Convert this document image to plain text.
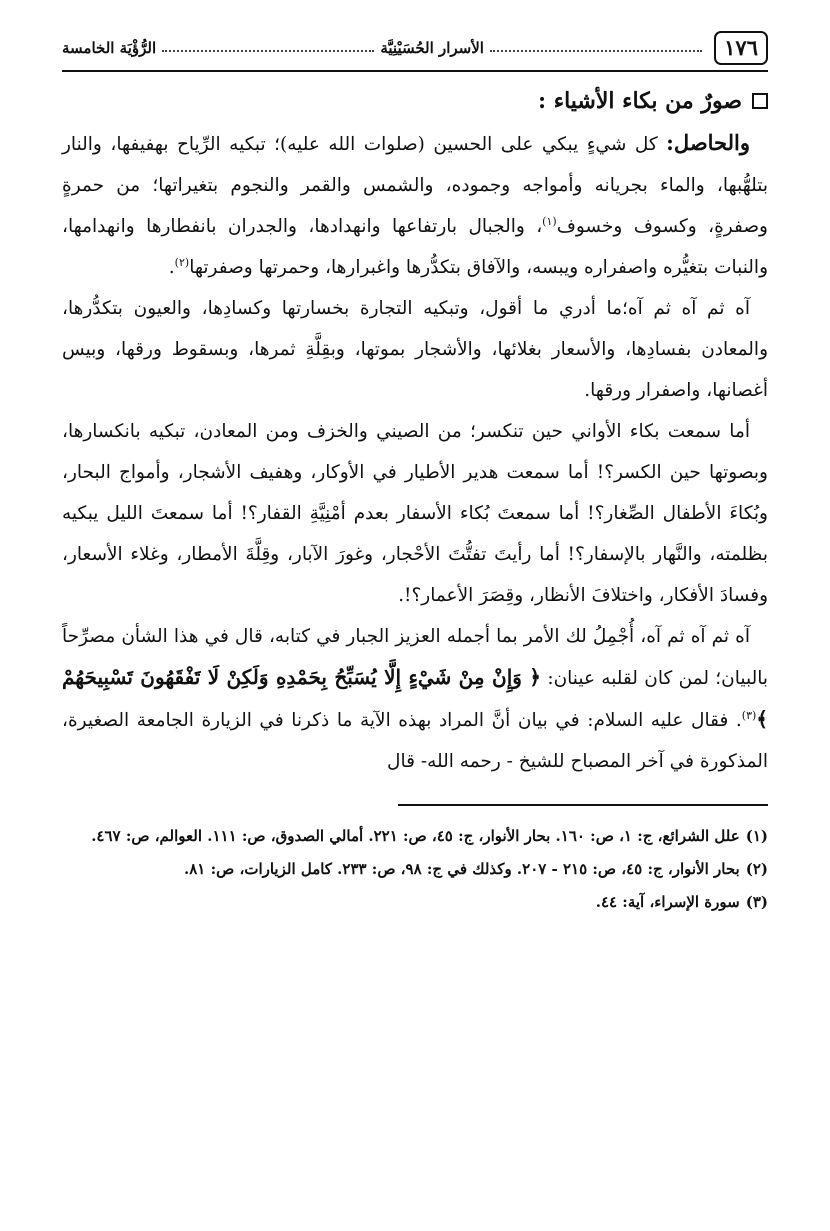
١٧٦
الأسرار الحُسَيْنِيَّة
الرُّؤْيَة الخامسة
صورٌ من بكاء الأشياء :

والحاصل: كل شيءٍ يبكي على الحسين (صلوات الله عليه)؛ تبكيه الرِّياح بهفيفها، والنار بتلهُّبها، والماء بجريانه وأمواجه وجموده، والشمس والقمر والنجوم بتغيراتها؛ من حمرةٍ وصفرةٍ، وكسوف وخسوف$^{(١)}$، والجبال بارتفاعها وانهدادها، والجدران بانفطارها وانهدامها، والنبات بتغيُّره واصفراره ويبسه، والآفاق بتكدُّرها واغبرارها، وحمرتها وصفرتها$^{(٢)}$.

آه ثم آه ثم آه؛ما أدري ما أقول، وتبكيه التجارة بخسارتها وكسادِها، والعيون بتكدُّرها، والمعادن بفسادِها، والأسعار بغلائها، والأشجار بموتها، وبقِلَّةِ ثمرها، وبسقوط ورقها، وبيس أغصانها، واصفرار ورقها.

أما سمعت بكاء الأواني حين تنكسر؛ من الصيني والخزف ومن المعادن، تبكيه بانكسارها، وبصوتها حين الكسر؟! أما سمعت هدير الأطيار في الأوكار، وهفيف الأشجار، وأمواج البحار، وبُكاءَ الأطفال الصِّغار؟! أما سمعتَ بُكاء الأسفار بعدم أمْنِيَّةِ القفار؟! أما سمعتَ الليل يبكيه بظلمته، والنَّهار بالإسفار؟! أما رأيتَ تفتُّتَ الأحْجار، وغورَ الآبار، وقِلَّةَ الأمطار، وغلاء الأسعار، وفسادَ الأفكار، واختلافَ الأنظار، وقِصَرَ الأعمار؟!.

آه ثم آه ثم آه، أُجْمِلُ لك الأمر بما أجمله العزيز الجبار في كتابه، قال في هذا الشأن مصرِّحاً بالبيان؛ لمن كان لقلبه عينان: ﴿ وَإِنْ مِنْ شَيْءٍ إِلَّا يُسَبِّحُ بِحَمْدِهِ وَلَكِنْ لَا تَفْقَهُونَ تَسْبِيحَهُمْ ﴾$^{(٣)}$. فقال عليه السلام: في بيان أنَّ المراد بهذه الآية ما ذكرنا في الزيارة الجامعة الصغيرة، المذكورة في آخر المصباح للشيخ - رحمه الله- قال

(١)
علل الشرائع، ج: ١، ص: ١٦٠. بحار الأنوار، ج: ٤٥، ص: ٢٢١. أمالي الصدوق، ص: ١١١. العوالم، ص: ٤٦٧.
(٢)
بحار الأنوار، ج: ٤٥، ص: ٢١٥ - ٢٠٧. وكذلك في ج: ٩٨، ص: ٢٣٣. كامل الزيارات، ص: ٨١.
(٣)
سورة الإسراء، آية: ٤٤.
